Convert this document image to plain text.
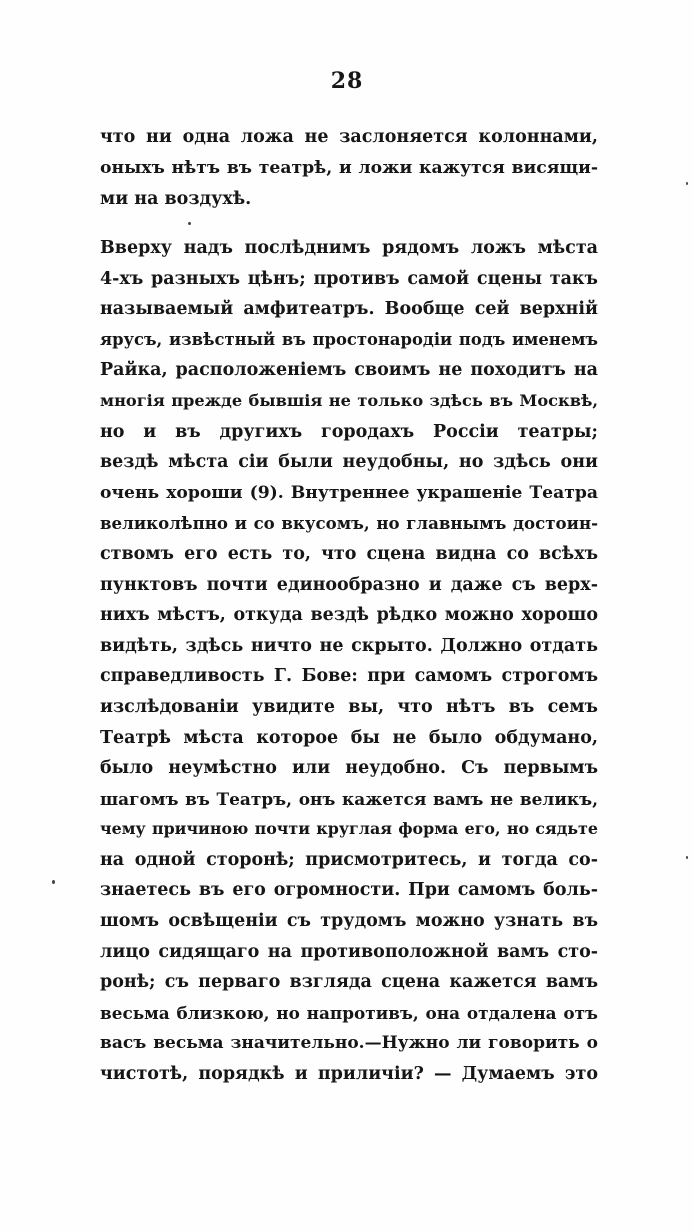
28
что ни одна ложа не заслоняется колоннами,
оныхъ нѣтъ въ театрѣ, и ложи кажутся висящи-
ми на воздухѣ.
Вверху надъ послѣднимъ рядомъ ложъ мѣста
4-хъ разныхъ цѣнъ; противъ самой сцены такъ
называемый амфитеатръ. Вообще сей верхнiй
ярусъ, извѣстный въ простонародiи подъ именемъ
Райка, расположенiемъ своимъ не походитъ на
многiя прежде бывшiя не только здѣсь въ Москвѣ,
но и въ другихъ городахъ Россiи театры;
вездѣ мѣста сiи были неудобны, но здѣсь они
очень хороши (9). Внутреннее украшенiе Театра
великолѣпно и со вкусомъ, но главнымъ достоин-
ствомъ его есть то, что сцена видна со всѣхъ
пунктовъ почти единообразно и даже съ верх-
нихъ мѣстъ, откуда вездѣ рѣдко можно хорошо
видѣть, здѣсь ничто не скрыто. Должно отдать
справедливость Г. Бове: при самомъ строгомъ
изслѣдованiи увидите вы, что нѣтъ въ семъ
Театрѣ мѣста которое бы не было обдумано,
было неумѣстно или неудобно. Съ первымъ
шагомъ въ Театръ, онъ кажется вамъ не великъ,
чему причиною почти круглая форма его, но сядьте
на одной сторонѣ; присмотритесь, и тогда со-
знаетесь въ его огромности. При самомъ боль-
шомъ освѣщенiи съ трудомъ можно узнать въ
лицо сидящаго на противоположной вамъ сто-
ронѣ; съ перваго взгляда сцена кажется вамъ
весьма близкою, но напротивъ, она отдалена отъ
васъ весьма значительно.—Нужно ли говорить о
чистотѣ, порядкѣ и приличiи? — Думаемъ это
